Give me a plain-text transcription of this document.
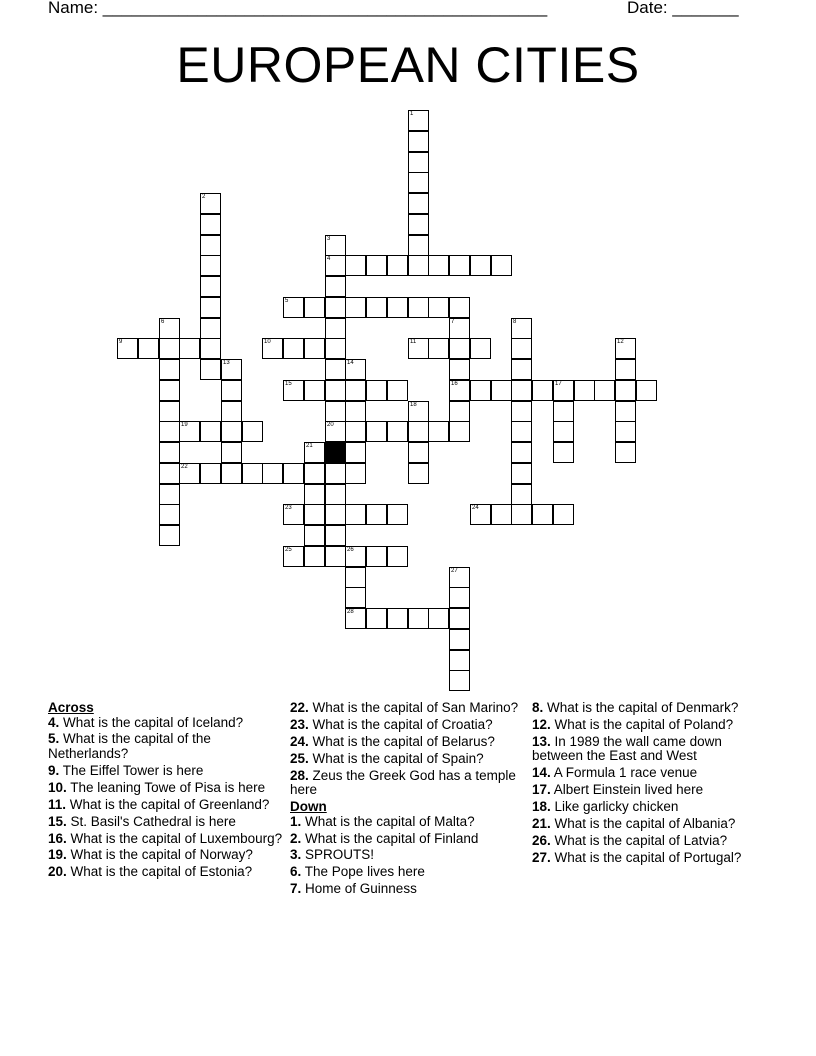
Name: _______________________________________________	Date: _______
EUROPEAN CITIES
1
2
3
4
20
5
6	7
16
8
9	10	11	12
13	14
15	17
18
19
21
22
23	24
25	26
28
27
Across
4. What is the capital of Iceland?
5. What is the capital of the Netherlands?
9. The Eiffel Tower is here
10. The leaning Towe of Pisa is here
11. What is the capital of Greenland?
15. St. Basil's Cathedral is here
16. What is the capital of Luxembourg?
19. What is the capital of Norway?
20. What is the capital of Estonia?
22. What is the capital of San Marino?
23. What is the capital of Croatia?
24. What is the capital of Belarus?
25. What is the capital of Spain?
28. Zeus the Greek God has a temple here
Down
1. What is the capital of Malta?
2. What is the capital of Finland
3. SPROUTS!
6. The Pope lives here
7. Home of Guinness
8. What is the capital of Denmark?
12. What is the capital of Poland?
13. In 1989 the wall came down between the East and West
14. A Formula 1 race venue
17. Albert Einstein lived here
18. Like garlicky chicken
21. What is the capital of Albania?
26. What is the capital of Latvia?
27. What is the capital of Portugal?
